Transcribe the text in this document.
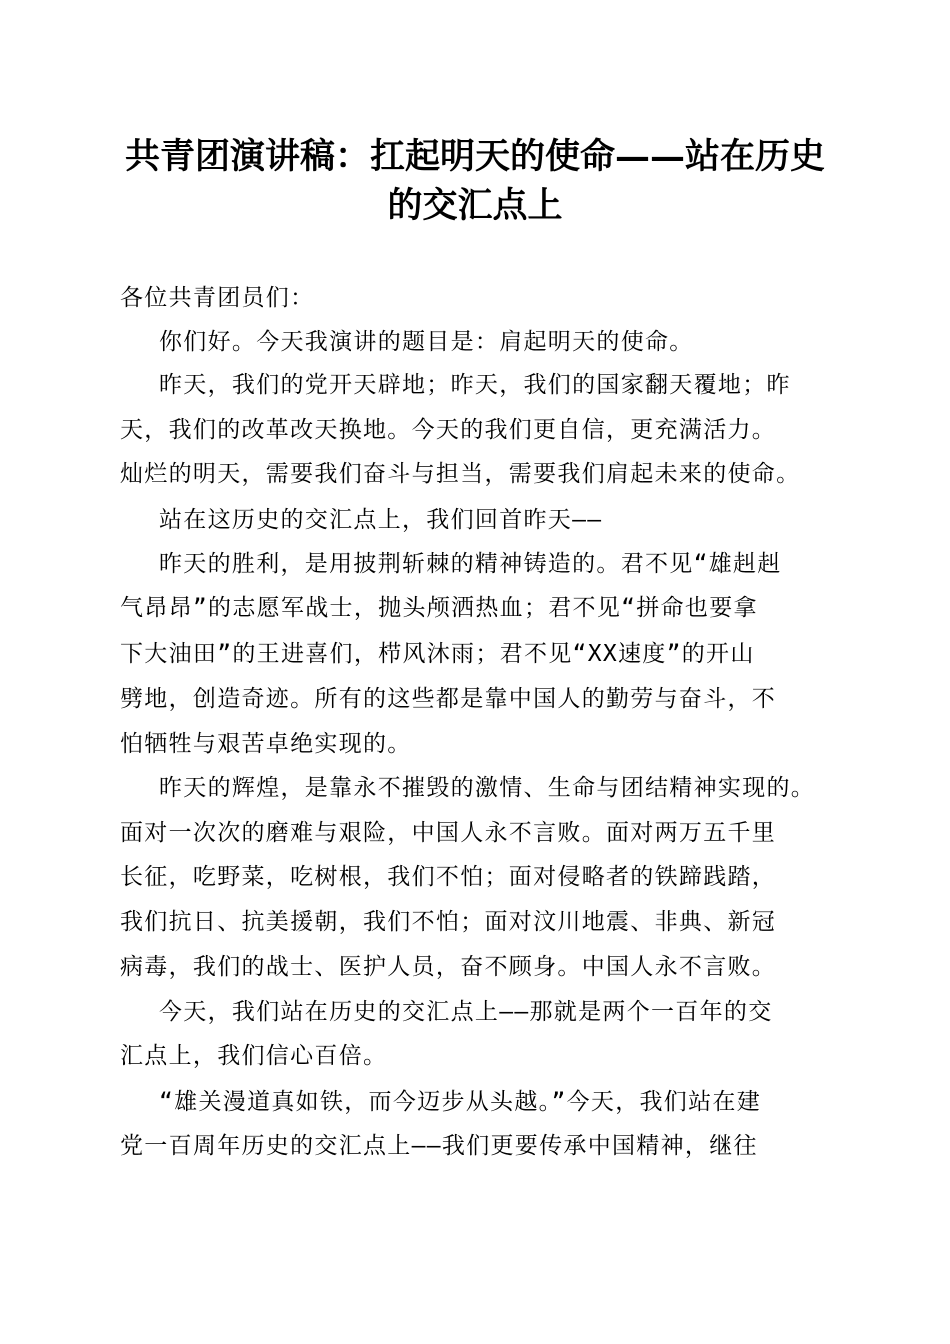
共青团演讲稿：扛起明天的使命——站在历史
的交汇点上
各位共青团员们：
你们好。今天我演讲的题目是：肩起明天的使命。
昨天，我们的党开天辟地；昨天，我们的国家翻天覆地；昨
天，我们的改革改天换地。今天的我们更自信，更充满活力。
灿烂的明天，需要我们奋斗与担当，需要我们肩起未来的使命。
站在这历史的交汇点上，我们回首昨天——
昨天的胜利，是用披荆斩棘的精神铸造的。君不见“雄赳赳
气昂昂”的志愿军战士，抛头颅洒热血；君不见“拼命也要拿
下大油田”的王进喜们，栉风沐雨；君不见“XX速度”的开山
劈地，创造奇迹。所有的这些都是靠中国人的勤劳与奋斗，不
怕牺牲与艰苦卓绝实现的。
昨天的辉煌，是靠永不摧毁的激情、生命与团结精神实现的。
面对一次次的磨难与艰险，中国人永不言败。面对两万五千里
长征，吃野菜，吃树根，我们不怕；面对侵略者的铁蹄践踏，
我们抗日、抗美援朝，我们不怕；面对汶川地震、非典、新冠
病毒，我们的战士、医护人员，奋不顾身。中国人永不言败。
今天，我们站在历史的交汇点上——那就是两个一百年的交
汇点上，我们信心百倍。
“雄关漫道真如铁，而今迈步从头越。”今天，我们站在建
党一百周年历史的交汇点上——我们更要传承中国精神，继往
